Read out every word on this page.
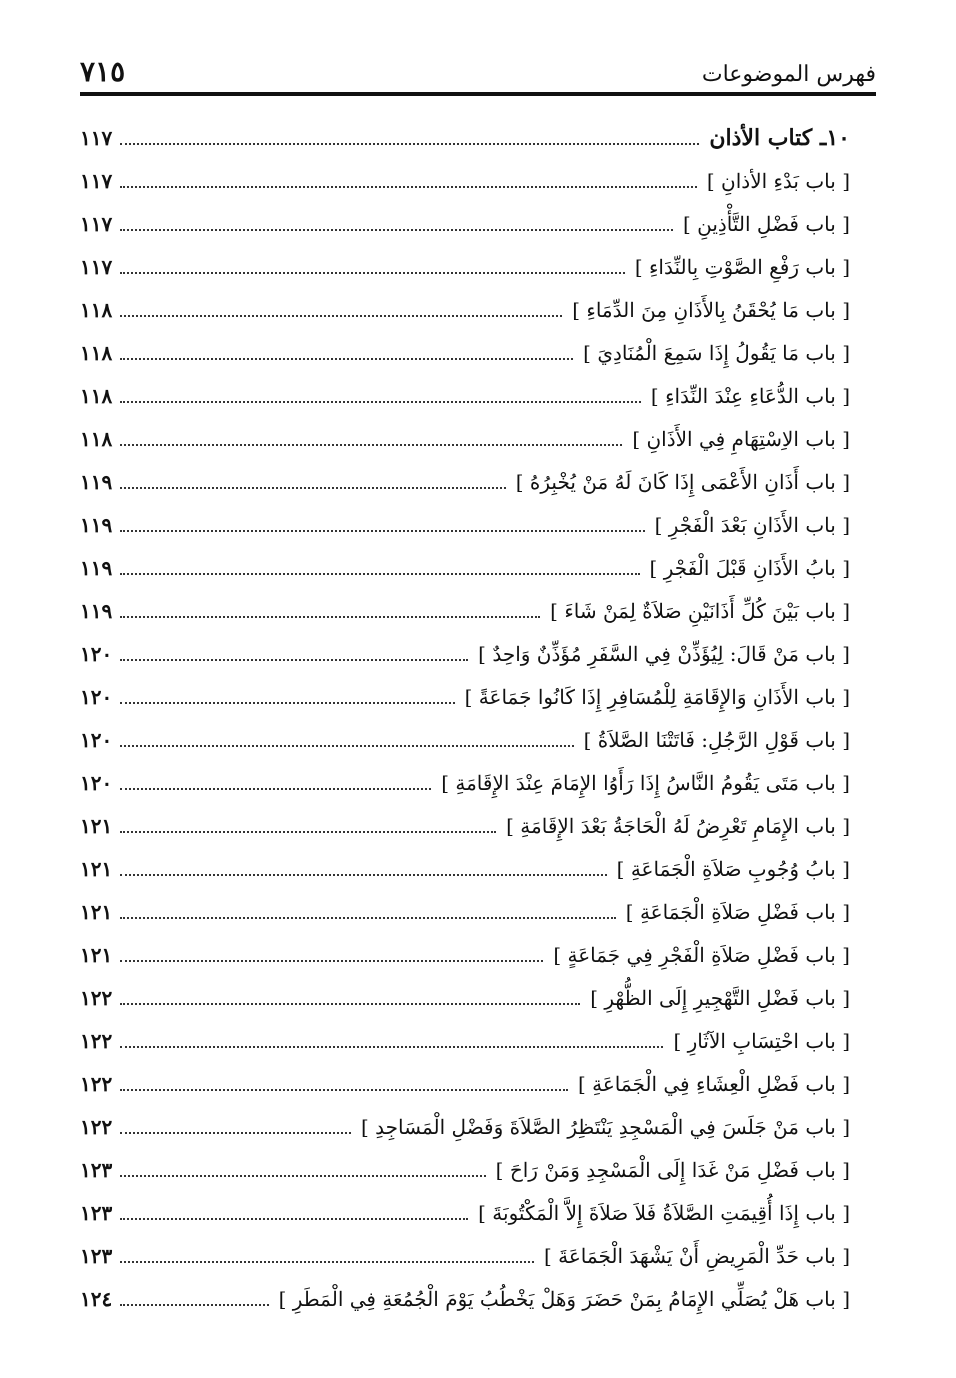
٧١٥	فهرس الموضوعات
١٠ـ كتاب الأذان
١١٧
[ باب بَدْءِ الأذانِ ]
١١٧
[ باب فَضْلِ التَّأْذِينِ ]
١١٧
[ باب رَفْعِ الصَّوْتِ بِالنِّدَاءِ ]
١١٧
[ باب مَا يُحْقَنُ بِالأَذَانِ مِنَ الدِّمَاءِ ]
١١٨
[ باب مَا يَقُولُ إِذَا سَمِعَ الْمُنَادِيَ ]
١١٨
[ باب الدُّعَاءِ عِنْدَ النِّدَاءِ ]
١١٨
[ باب الاِسْتِهَامِ فِي الأَذَانِ ]
١١٨
[ باب أَذَانِ الأَعْمَى إِذَا كَانَ لَهُ مَنْ يُخْبِرُهُ ]
١١٩
[ باب الأَذَانِ بَعْدَ الْفَجْرِ ]
١١٩
[ بابُ الأَذَانِ قَبْلَ الْفَجْرِ ]
١١٩
[ باب بَيْنَ كُلِّ أَذَانَيْنِ صَلاَةٌ لِمَنْ شَاءَ ]
١١٩
[ باب مَنْ قَالَ: لِيُؤَذِّنْ فِي السَّفَرِ مُؤَذِّنٌ وَاحِدٌ ]
١٢٠
[ باب الأَذَانِ وَالإِقَامَةِ لِلْمُسَافِرِ إِذَا كَانُوا جَمَاعَةً ]
١٢٠
[ باب قَوْلِ الرَّجُلِ: فَاتَتْنَا الصَّلاَةُ ]
١٢٠
[ باب مَتَى يَقُومُ النَّاسُ إِذَا رَأَوُا الإِمَامَ عِنْدَ الإِقَامَةِ ]
١٢٠
[ باب الإِمَامِ تَعْرِضُ لَهُ الْحَاجَةُ بَعْدَ الإِقَامَةِ ]
١٢١
[ بابُ وُجُوبِ صَلاَةِ الْجَمَاعَةِ ]
١٢١
[ باب فَضْلِ صَلاَةِ الْجَمَاعَةِ ]
١٢١
[ باب فَضْلِ صَلاَةِ الْفَجْرِ فِي جَمَاعَةٍ ]
١٢١
[ باب فَضْلِ التَّهْجِيرِ إِلَى الظُّهْرِ ]
١٢٢
[ باب احْتِسَابِ الآثَارِ ]
١٢٢
[ باب فَضْلِ الْعِشَاءِ فِي الْجَمَاعَةِ ]
١٢٢
[ باب مَنْ جَلَسَ فِي الْمَسْجِدِ يَنْتَظِرُ الصَّلاَةَ وَفَضْلِ الْمَسَاجِدِ ]
١٢٢
[ باب فَضْلِ مَنْ غَدَا إِلَى الْمَسْجِدِ وَمَنْ رَاحَ ]
١٢٣
[ باب إِذَا أُقِيمَتِ الصَّلاَةُ فَلاَ صَلاَةَ إِلاَّ الْمَكْتُوبَةَ ]
١٢٣
[ باب حَدِّ الْمَرِيضِ أَنْ يَشْهَدَ الْجَمَاعَةَ ]
١٢٣
[ باب هَلْ يُصَلِّي الإِمَامُ بِمَنْ حَضَرَ وَهَلْ يَخْطُبُ يَوْمَ الْجُمُعَةِ فِي الْمَطَرِ ]
١٢٤
